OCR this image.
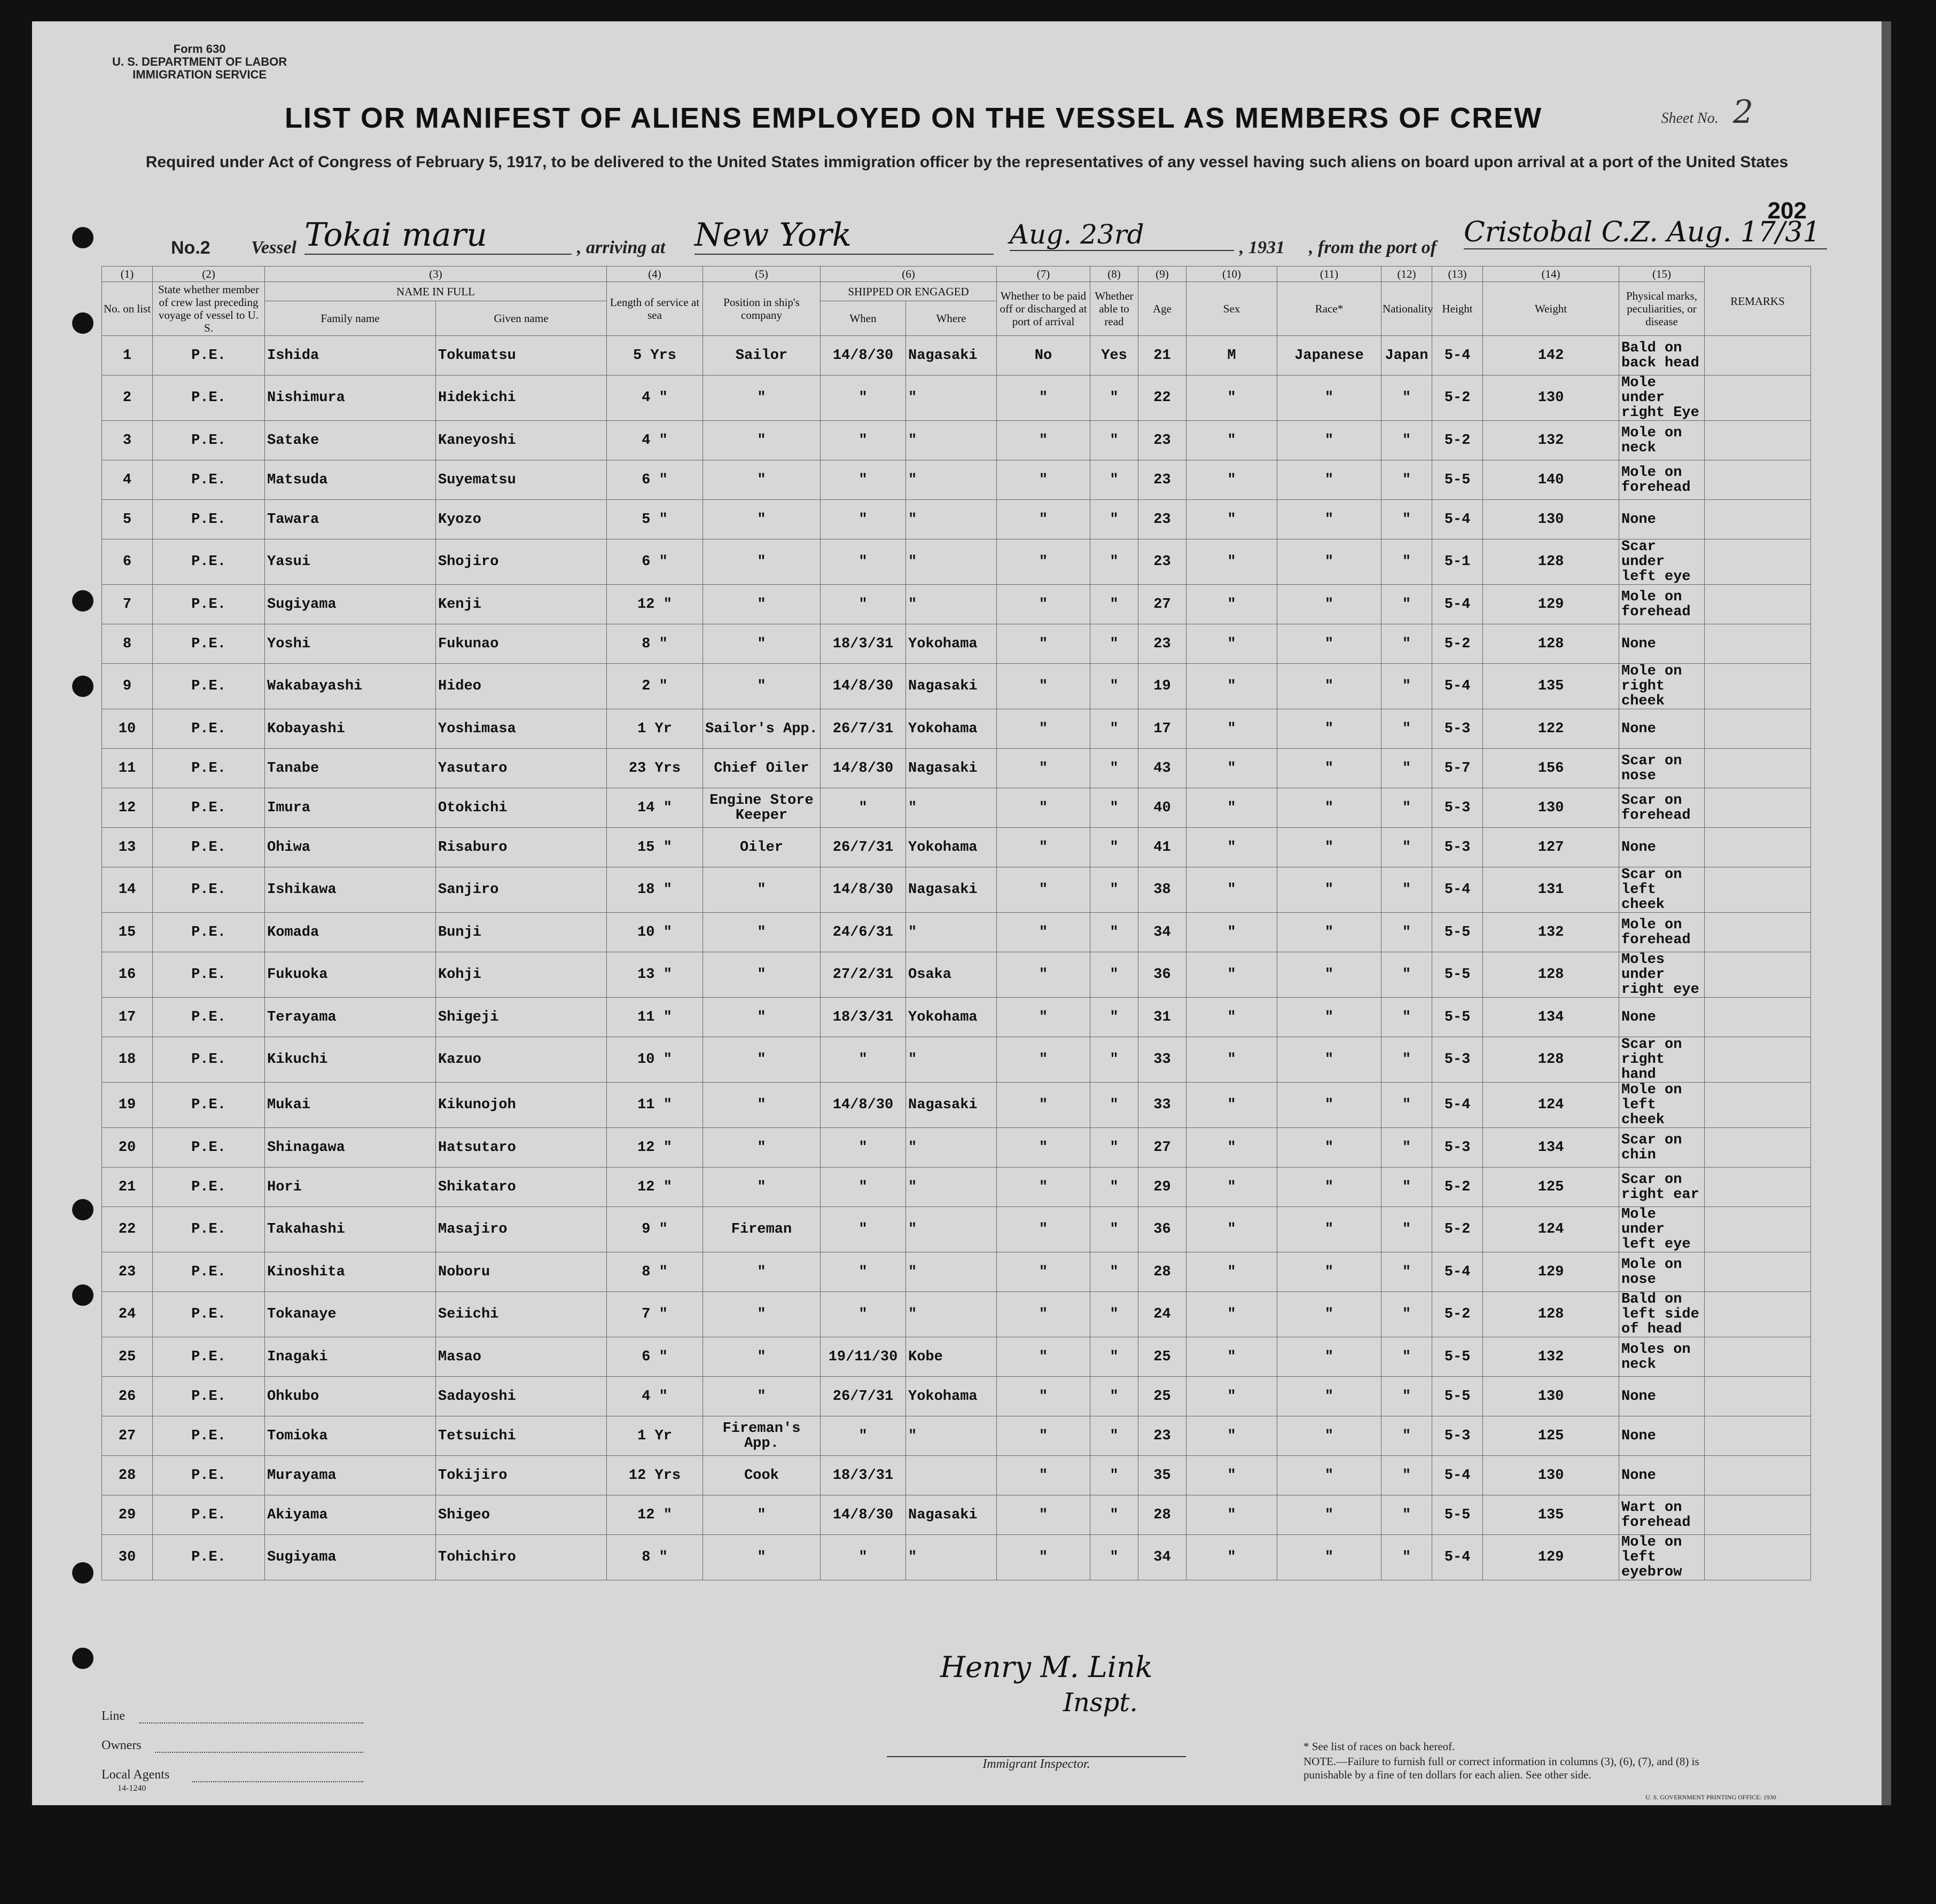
Form 630
U. S. DEPARTMENT OF LABOR
IMMIGRATION SERVICE
Sheet No. 2
LIST OR MANIFEST OF ALIENS EMPLOYED ON THE VESSEL AS MEMBERS OF CREW
Required under Act of Congress of February 5, 1917, to be delivered to the United States immigration officer by the representatives of any vessel having such aliens on board upon arrival at a port of the United States
202
No.2 Vessel Tokai maru	, arriving at New York	Aug. 23rd	, 1931 , from the port of Cristobal C.Z. Aug. 17/31
(1)	(2)	(3)		(4)	(5)	(6)		(7)	(8)	(9)	(10)	(11)	(12)	(13)	(14)	(15)	REMARKS
No. on list	State whether member of crew last preceding voyage of vessel to U. S.	NAME IN FULL		Length of service at sea	Position in ship's company	SHIPPED OR ENGAGED		Whether to be paid off or discharged at port of arrival	Whether able to read	Age	Sex	Race*	Nationality	Height	Weight	Physical marks, peculiarities, or disease	
		Family name	Given name			When	Where										
1	P.E.	Ishida	Tokumatsu	5 Yrs	Sailor	14/8/30	Nagasaki	No	Yes	21	M	Japanese	Japan	5-4	142	Bald on back head	
2	P.E.	Nishimura	Hidekichi	4 "	"	"	"	"	"	22	"	"	"	5-2	130	Mole under right Eye	
3	P.E.	Satake	Kaneyoshi	4 "	"	"	"	"	"	23	"	"	"	5-2	132	Mole on neck	
4	P.E.	Matsuda	Suyematsu	6 "	"	"	"	"	"	23	"	"	"	5-5	140	Mole on forehead	
5	P.E.	Tawara	Kyozo	5 "	"	"	"	"	"	23	"	"	"	5-4	130	None	
6	P.E.	Yasui	Shojiro	6 "	"	"	"	"	"	23	"	"	"	5-1	128	Scar under left eye	
7	P.E.	Sugiyama	Kenji	12 "	"	"	"	"	"	27	"	"	"	5-4	129	Mole on forehead	
8	P.E.	Yoshi	Fukunao	8 "	"	18/3/31	Yokohama	"	"	23	"	"	"	5-2	128	None	
9	P.E.	Wakabayashi	Hideo	2 "	"	14/8/30	Nagasaki	"	"	19	"	"	"	5-4	135	Mole on right cheek	
10	P.E.	Kobayashi	Yoshimasa	1 Yr	Sailor's App.	26/7/31	Yokohama	"	"	17	"	"	"	5-3	122	None	
11	P.E.	Tanabe	Yasutaro	23 Yrs	Chief Oiler	14/8/30	Nagasaki	"	"	43	"	"	"	5-7	156	Scar on nose	
12	P.E.	Imura	Otokichi	14 "	Engine Store Keeper	"	"	"	"	40	"	"	"	5-3	130	Scar on forehead	
13	P.E.	Ohiwa	Risaburo	15 "	Oiler	26/7/31	Yokohama	"	"	41	"	"	"	5-3	127	None	
14	P.E.	Ishikawa	Sanjiro	18 "	"	14/8/30	Nagasaki	"	"	38	"	"	"	5-4	131	Scar on left cheek	
15	P.E.	Komada	Bunji	10 "	"	24/6/31	"	"	"	34	"	"	"	5-5	132	Mole on forehead	
16	P.E.	Fukuoka	Kohji	13 "	"	27/2/31	Osaka	"	"	36	"	"	"	5-5	128	Moles under right eye	
17	P.E.	Terayama	Shigeji	11 "	"	18/3/31	Yokohama	"	"	31	"	"	"	5-5	134	None	
18	P.E.	Kikuchi	Kazuo	10 "	"	"	"	"	"	33	"	"	"	5-3	128	Scar on right hand	
19	P.E.	Mukai	Kikunojoh	11 "	"	14/8/30	Nagasaki	"	"	33	"	"	"	5-4	124	Mole on left cheek	
20	P.E.	Shinagawa	Hatsutaro	12 "	"	"	"	"	"	27	"	"	"	5-3	134	Scar on chin	
21	P.E.	Hori	Shikataro	12 "	"	"	"	"	"	29	"	"	"	5-2	125	Scar on right ear	
22	P.E.	Takahashi	Masajiro	9 "	Fireman	"	"	"	"	36	"	"	"	5-2	124	Mole under left eye	
23	P.E.	Kinoshita	Noboru	8 "	"	"	"	"	"	28	"	"	"	5-4	129	Mole on nose	
24	P.E.	Tokanaye	Seiichi	7 "	"	"	"	"	"	24	"	"	"	5-2	128	Bald on left side of head	
25	P.E.	Inagaki	Masao	6 "	"	19/11/30	Kobe	"	"	25	"	"	"	5-5	132	Moles on neck	
26	P.E.	Ohkubo	Sadayoshi	4 "	"	26/7/31	Yokohama	"	"	25	"	"	"	5-5	130	None	
27	P.E.	Tomioka	Tetsuichi	1 Yr	Fireman's App.	"	"	"	"	23	"	"	"	5-3	125	None	
28	P.E.	Murayama	Tokijiro	12 Yrs	Cook	18/3/31		"	"	35	"	"	"	5-4	130	None	
29	P.E.	Akiyama	Shigeo	12 "	"	14/8/30	Nagasaki	"	"	28	"	"	"	5-5	135	Wart on forehead	
30	P.E.	Sugiyama	Tohichiro	8 "	"	"	"	"	"	34	"	"	"	5-4	129	Mole on left eyebrow	
Henry M. Link
Inspt.
Immigrant Inspector.
Line
Owners
Local Agents
14-1240
* See list of races on back hereof.
NOTE.—Failure to furnish full or correct information in columns (3), (6), (7), and (8) is punishable by a fine of ten dollars for each alien. See other side.
U. S. GOVERNMENT PRINTING OFFICE: 1930
